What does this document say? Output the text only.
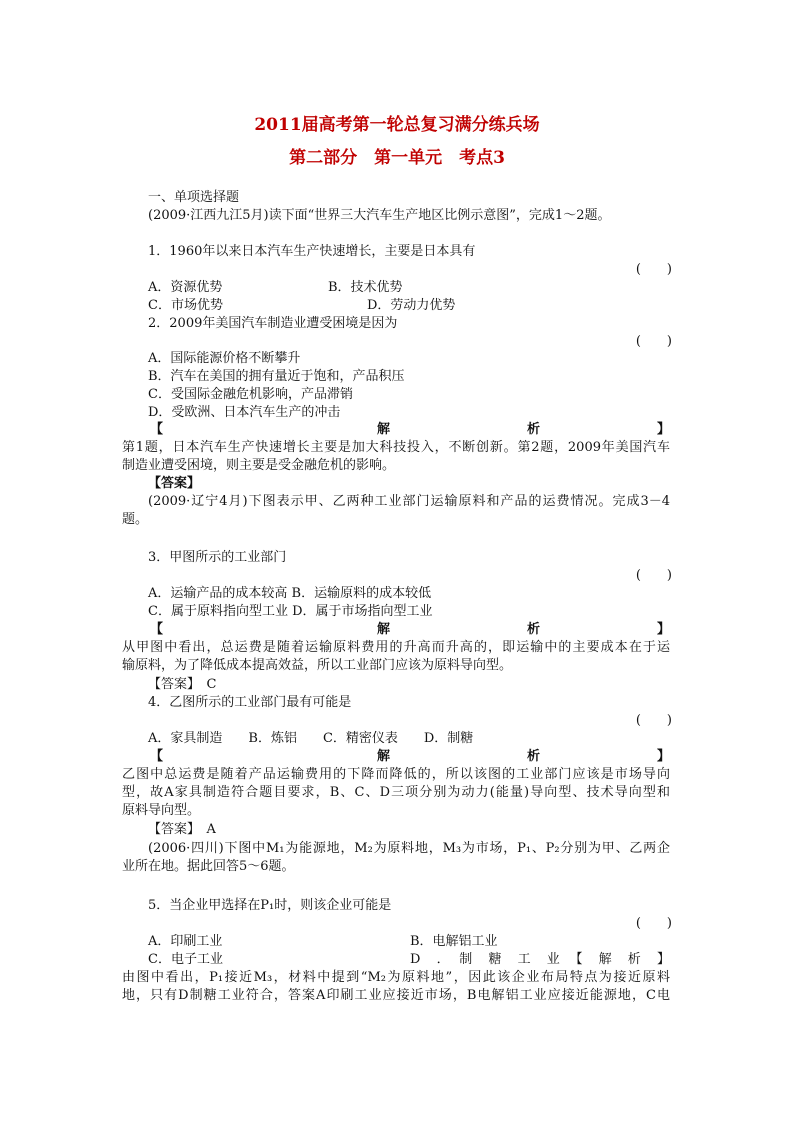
2011届高考第一轮总复习满分练兵场
第二部分　第一单元　考点3
一、单项选择题
(2009·江西九江5月)读下面“世界三大汽车生产地区比例示意图”，完成1～2题。
1．1960年以来日本汽车生产快速增长，主要是日本具有
(　　)
A．资源优势	B．技术优势
C．市场优势	D．劳动力优势
2．2009年美国汽车制造业遭受困境是因为
(　　)
A．国际能源价格不断攀升
B．汽车在美国的拥有量近于饱和，产品积压
C．受国际金融危机影响，产品滞销
D．受欧洲、日本汽车生产的冲击
【	解	析	】
第1题，日本汽车生产快速增长主要是加大科技投入，不断创新。第2题，2009年美国汽车
制造业遭受困境，则主要是受金融危机的影响。
【答案】
(2009·辽宁4月)下图表示甲、乙两种工业部门运输原料和产品的运费情况。完成3－4
题。
3．甲图所示的工业部门
(　　)
A．运输产品的成本较高 B．运输原料的成本较低
C．属于原料指向型工业 D．属于市场指向型工业
【	解	析	】
从甲图中看出，总运费是随着运输原料费用的升高而升高的，即运输中的主要成本在于运
输原料，为了降低成本提高效益，所以工业部门应该为原料导向型。
【答案】　C
4．乙图所示的工业部门最有可能是
(　　)
A．家具制造　　B．炼铝　　C．精密仪表　　D．制糖
【	解	析	】
乙图中总运费是随着产品运输费用的下降而降低的，所以该图的工业部门应该是市场导向
型，故A家具制造符合题目要求，B、C、D三项分别为动力(能量)导向型、技术导向型和
原料导向型。
【答案】　A
(2006·四川)下图中M₁为能源地，M₂为原料地，M₃为市场，P₁、P₂分别为甲、乙两企
业所在地。据此回答5～6题。
5．当企业甲选择在P₁时，则该企业可能是
(　　)
A．印刷工业	B．电解铝工业
C．电子工业	D　．　制　糖　工　业　【　解　析　】
由图中看出，P₁接近M₃，材料中提到“M₂为原料地”，因此该企业布局特点为接近原料
地，只有D制糖工业符合，答案A印刷工业应接近市场，B电解铝工业应接近能源地，C电
